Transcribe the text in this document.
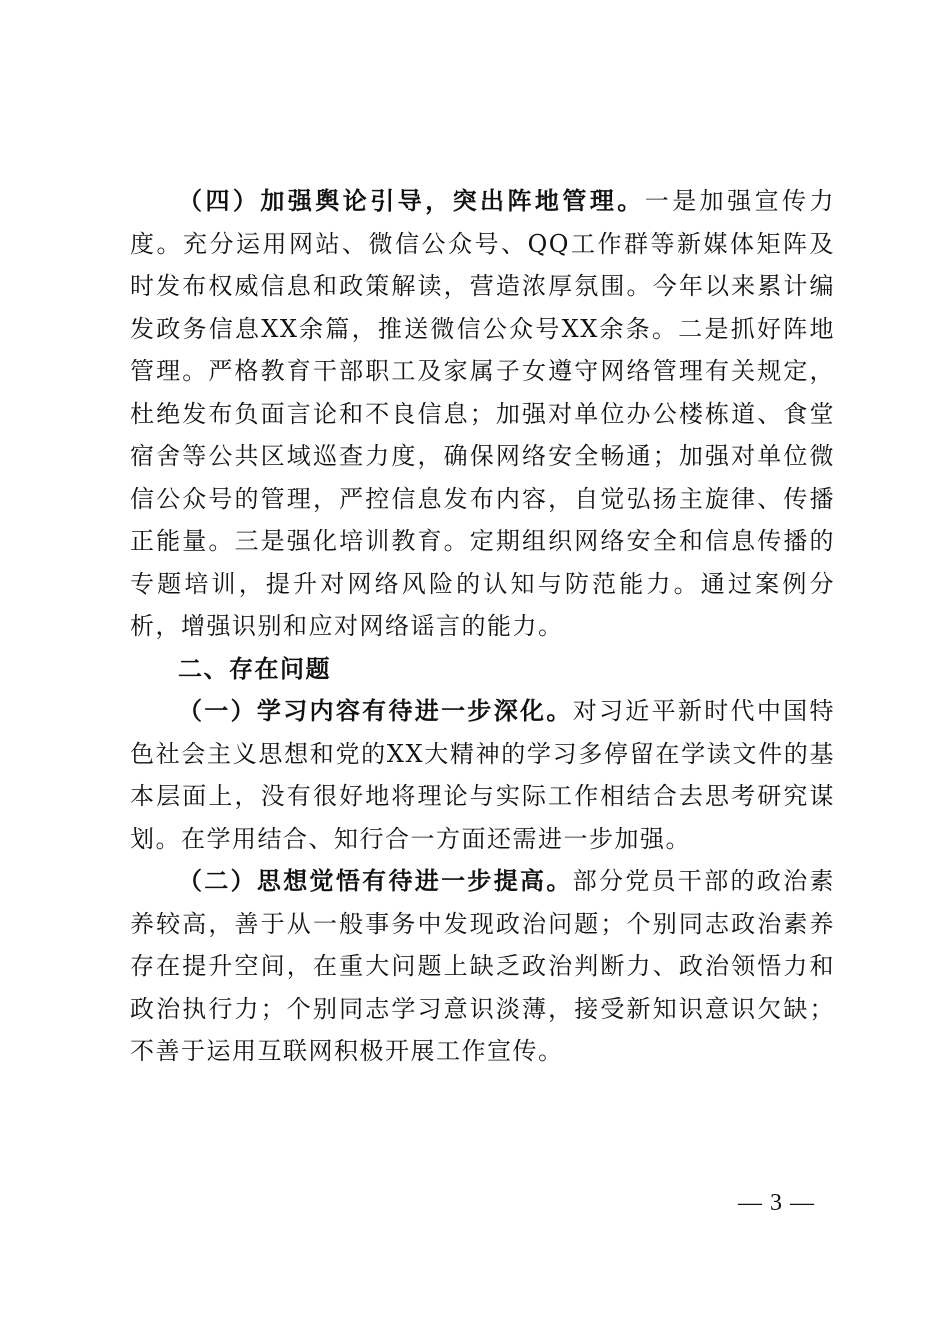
（四）加强舆论引导，突出阵地管理。一是加强宣传力度。充分运用网站、微信公众号、QQ工作群等新媒体矩阵及时发布权威信息和政策解读，营造浓厚氛围。今年以来累计编发政务信息XX余篇，推送微信公众号XX余条。二是抓好阵地管理。严格教育干部职工及家属子女遵守网络管理有关规定，杜绝发布负面言论和不良信息；加强对单位办公楼栋道、食堂宿舍等公共区域巡查力度，确保网络安全畅通；加强对单位微信公众号的管理，严控信息发布内容，自觉弘扬主旋律、传播正能量。三是强化培训教育。定期组织网络安全和信息传播的专题培训，提升对网络风险的认知与防范能力。通过案例分析，增强识别和应对网络谣言的能力。

二、存在问题

（一）学习内容有待进一步深化。对习近平新时代中国特色社会主义思想和党的XX大精神的学习多停留在学读文件的基本层面上，没有很好地将理论与实际工作相结合去思考研究谋划。在学用结合、知行合一方面还需进一步加强。

（二）思想觉悟有待进一步提高。部分党员干部的政治素养较高，善于从一般事务中发现政治问题；个别同志政治素养存在提升空间，在重大问题上缺乏政治判断力、政治领悟力和政治执行力；个别同志学习意识淡薄，接受新知识意识欠缺；不善于运用互联网积极开展工作宣传。

— 3 —
